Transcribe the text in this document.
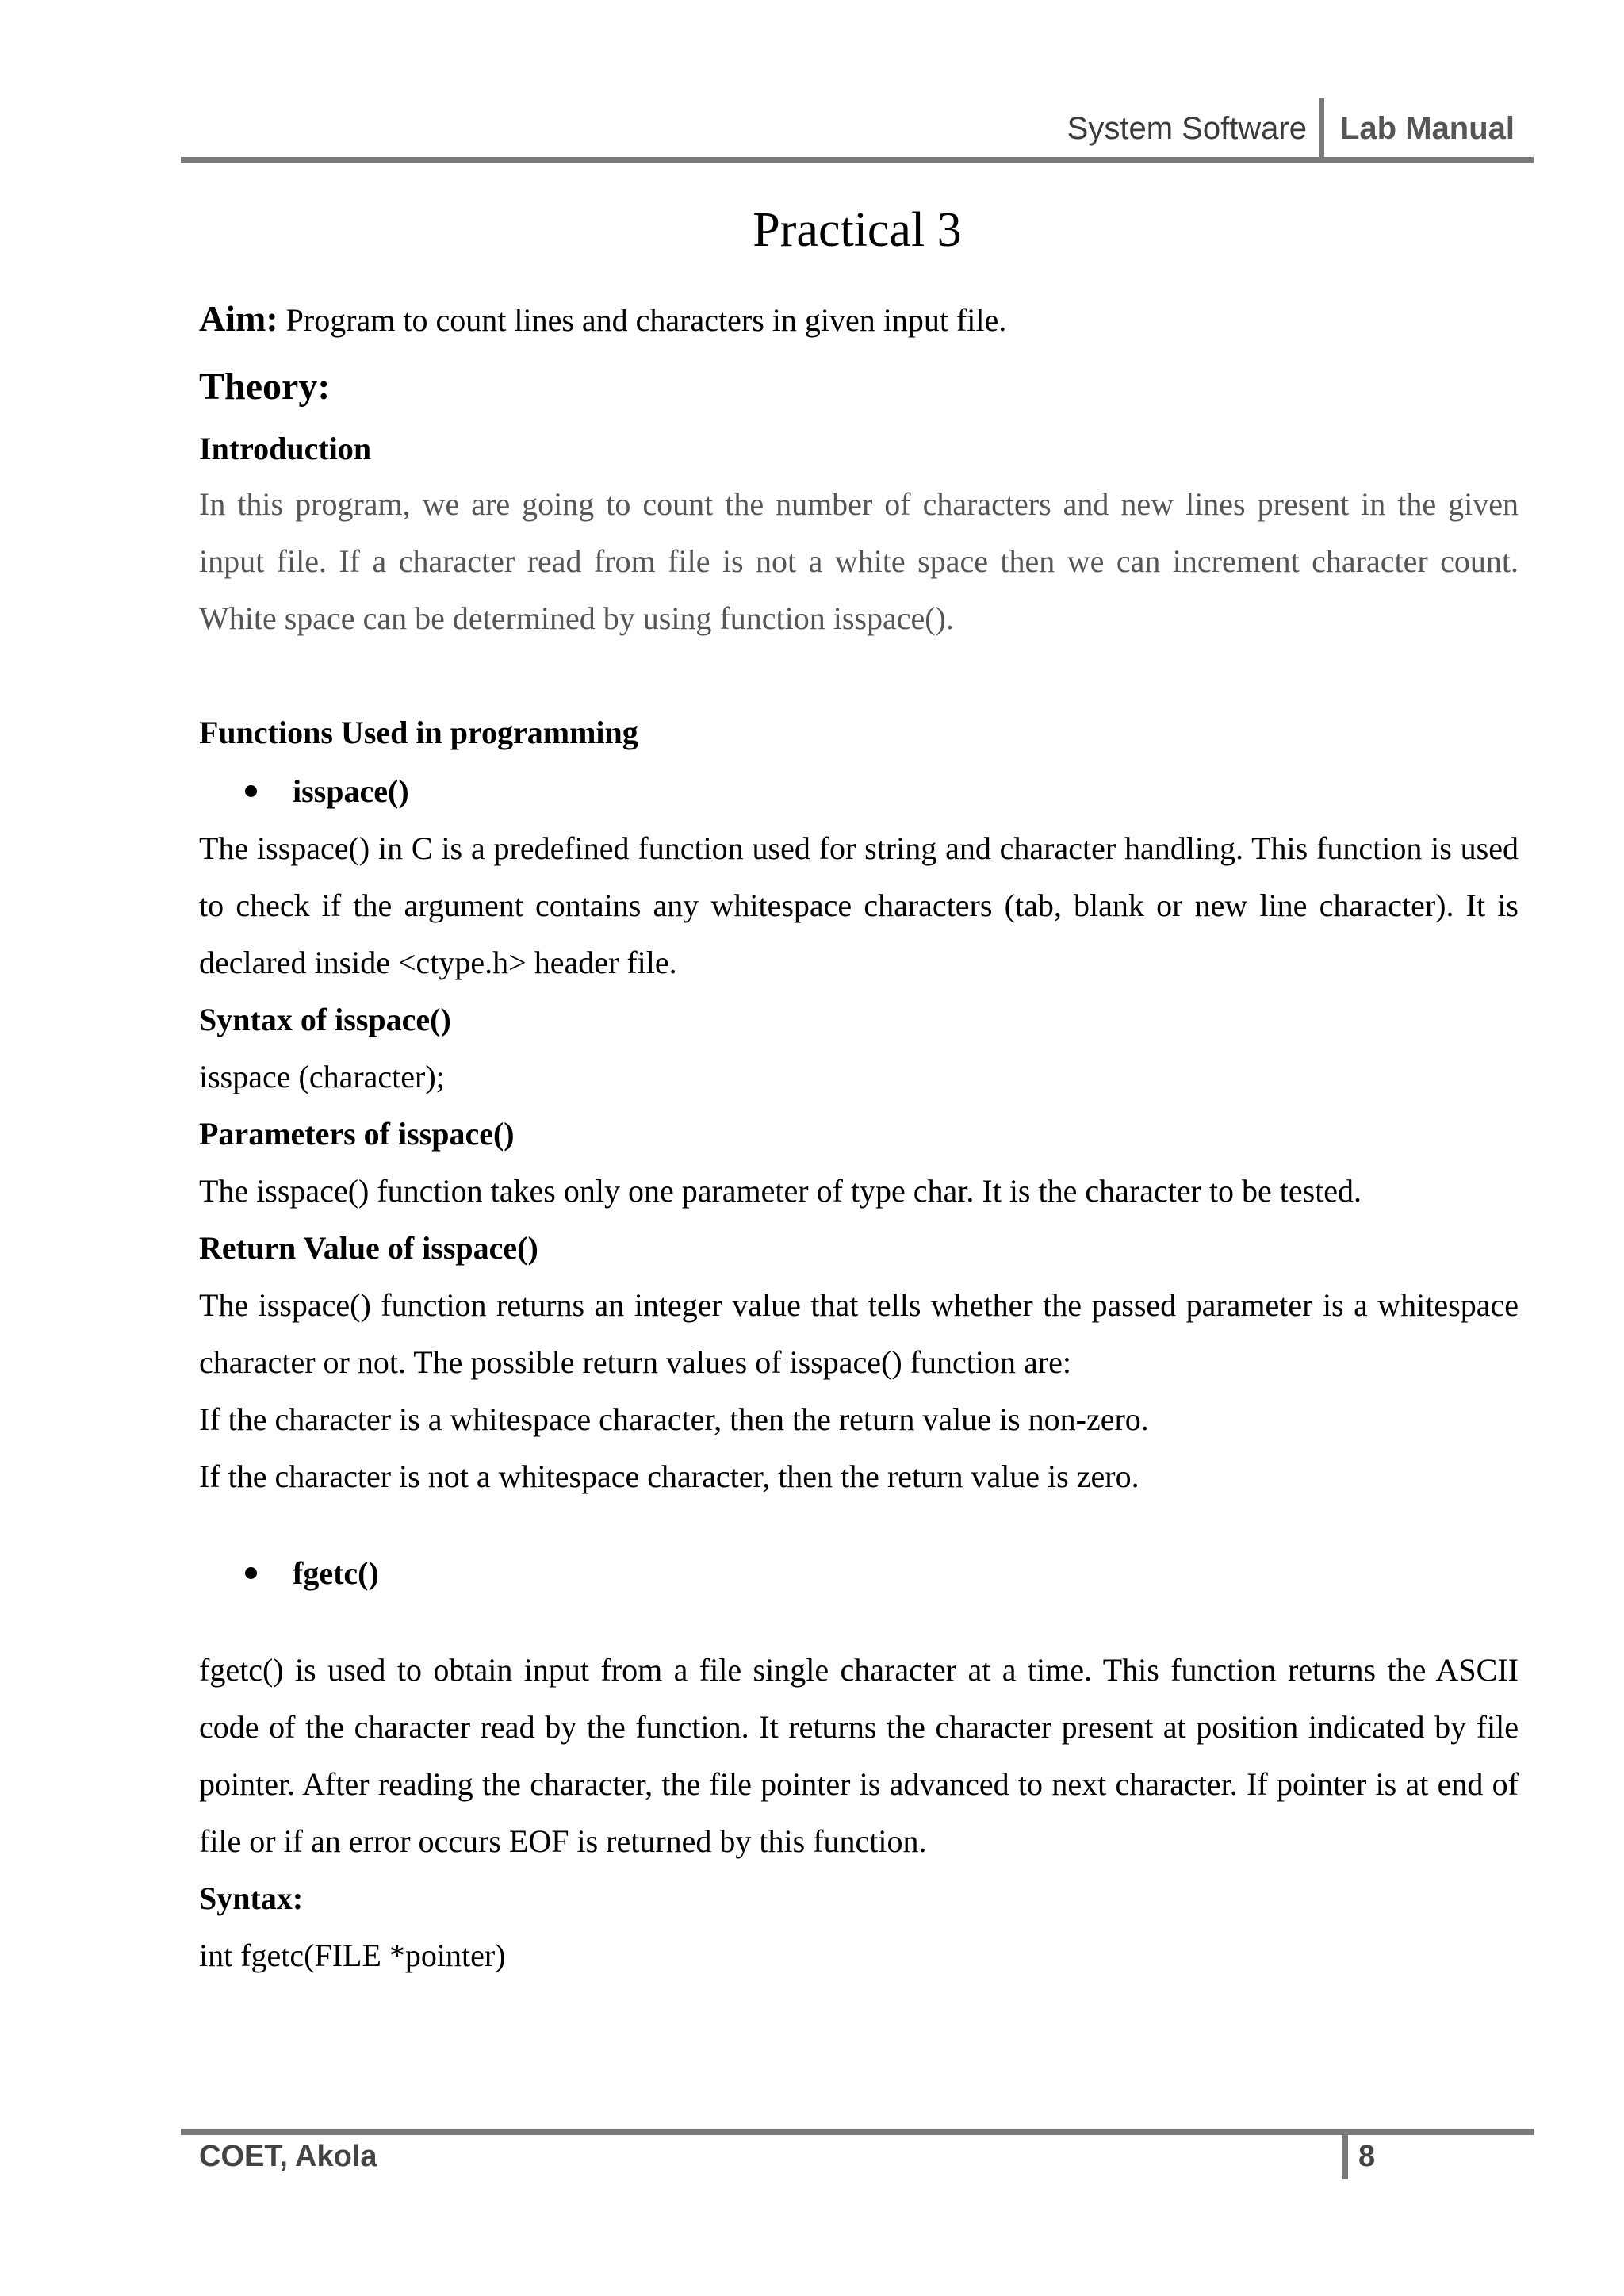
System Software Lab Manual
Practical 3
Aim: Program to count lines and characters in given input file.
Theory:
Introduction
In this program, we are going to count the number of characters and new lines present in the given input file. If a character read from file is not a white space then we can increment character count. White space can be determined by using function isspace().
Functions Used in programming
isspace()
The isspace() in C is a predefined function used for string and character handling. This function is used to check if the argument contains any whitespace characters (tab, blank or new line character). It is declared inside <ctype.h> header file.
Syntax of isspace()
isspace (character);
Parameters of isspace()
The isspace() function takes only one parameter of type char. It is the character to be tested.
Return Value of isspace()
The isspace() function returns an integer value that tells whether the passed parameter is a whitespace character or not. The possible return values of isspace() function are:
If the character is a whitespace character, then the return value is non-zero.
If the character is not a whitespace character, then the return value is zero.
fgetc()
fgetc() is used to obtain input from a file single character at a time. This function returns the ASCII code of the character read by the function. It returns the character present at position indicated by file pointer. After reading the character, the file pointer is advanced to next character. If pointer is at end of file or if an error occurs EOF is returned by this function.
Syntax:
int fgetc(FILE *pointer)
COET, Akola	8
